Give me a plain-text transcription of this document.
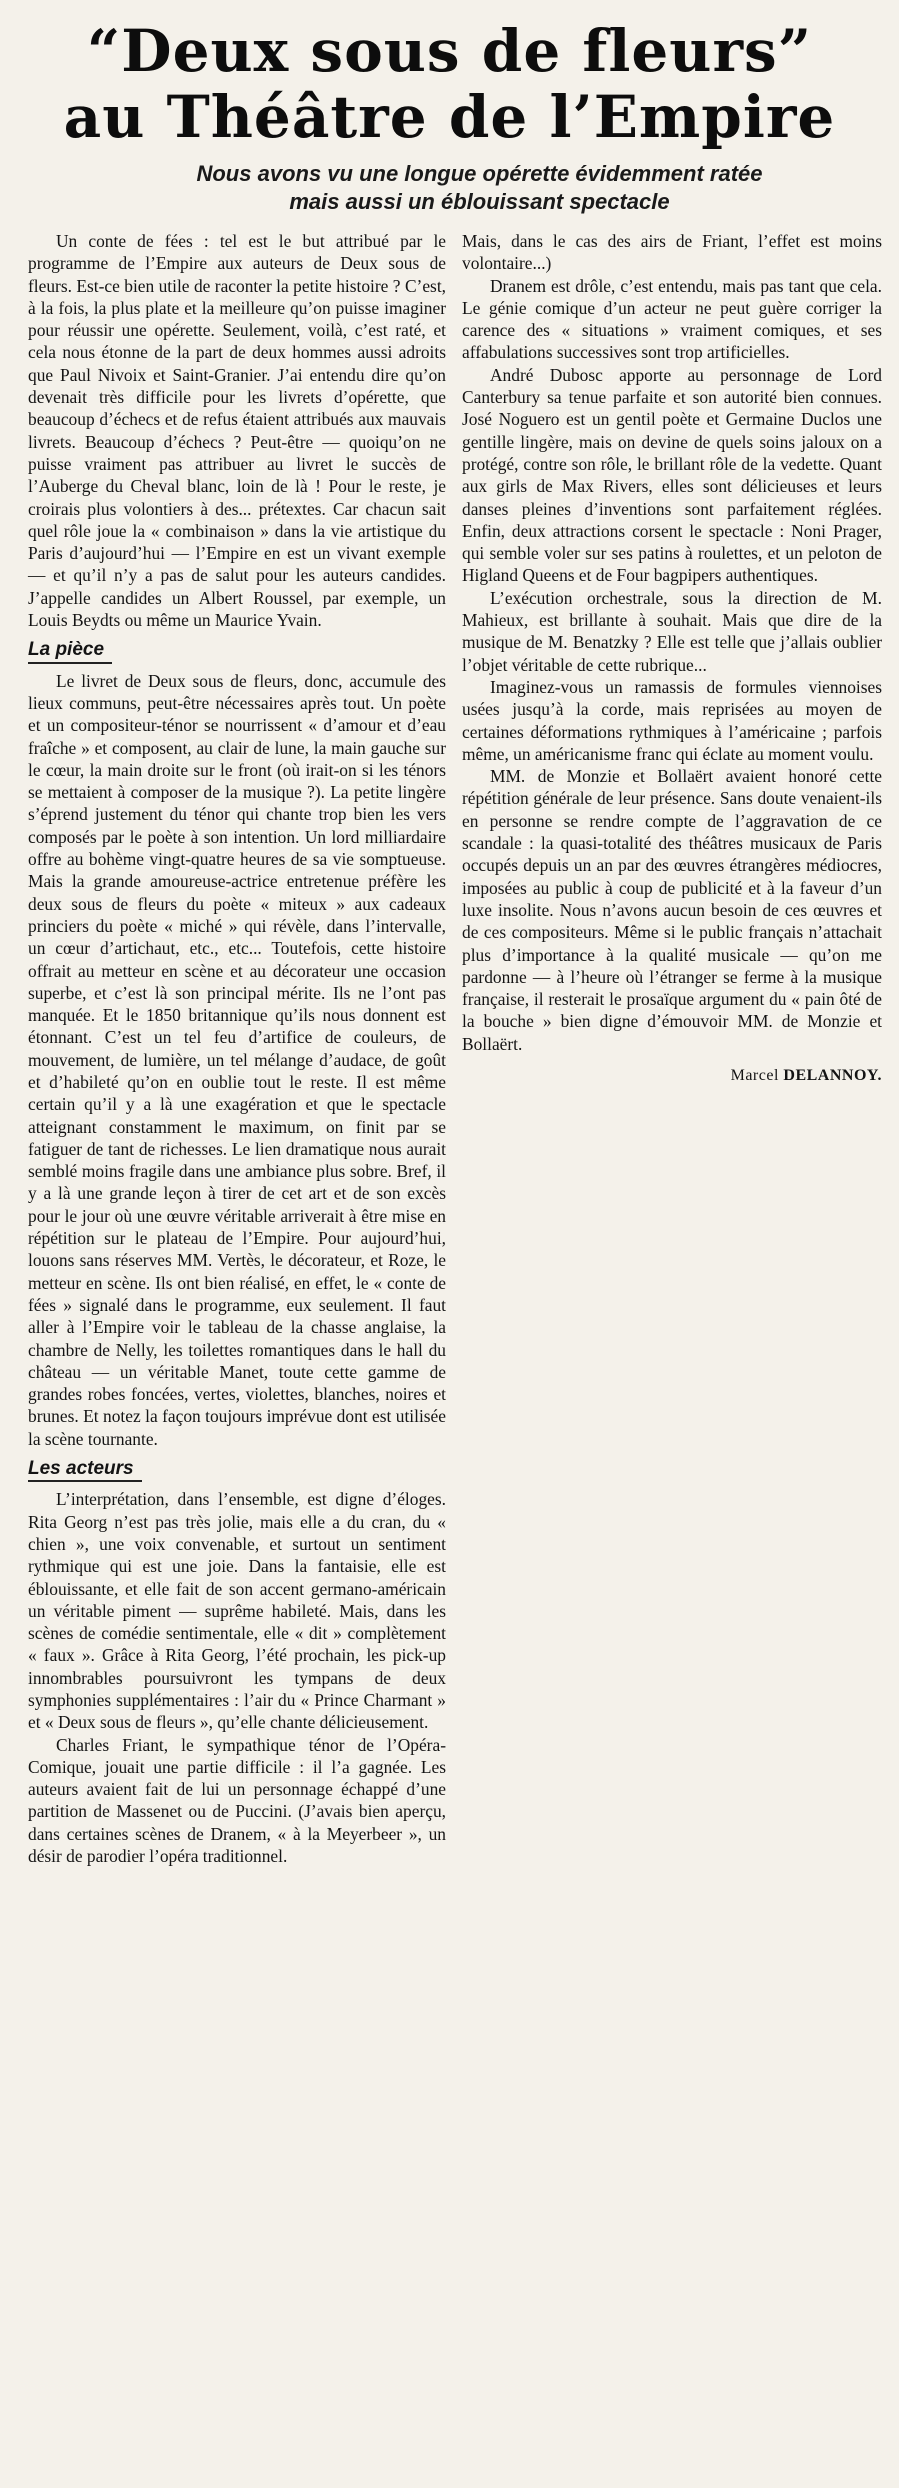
“Deux sous de fleurs”
au Théâtre de l’Empire
Nous avons vu une longue opérette évidemment ratée
mais aussi un éblouissant spectacle

Un conte de fées : tel est le but attribué par le programme de l’Empire aux auteurs de Deux sous de fleurs. Est-ce bien utile de raconter la petite histoire ? C’est, à la fois, la plus plate et la meilleure qu’on puisse imaginer pour réussir une opérette. Seulement, voilà, c’est raté, et cela nous étonne de la part de deux hommes aussi adroits que Paul Nivoix et Saint-Granier. J’ai entendu dire qu’on devenait très difficile pour les livrets d’opérette, que beaucoup d’échecs et de refus étaient attribués aux mauvais livrets. Beaucoup d’échecs ? Peut-être — quoiqu’on ne puisse vraiment pas attribuer au livret le succès de l’Auberge du Cheval blanc, loin de là ! Pour le reste, je croirais plus volontiers à des... prétextes. Car chacun sait quel rôle joue la « combinaison » dans la vie artistique du Paris d’aujourd’hui — l’Empire en est un vivant exemple — et qu’il n’y a pas de salut pour les auteurs candides. J’appelle candides un Albert Roussel, par exemple, un Louis Beydts ou même un Maurice Yvain.

La pièce

Le livret de Deux sous de fleurs, donc, accumule des lieux communs, peut-être nécessaires après tout. Un poète et un compositeur-ténor se nourrissent « d’amour et d’eau fraîche » et composent, au clair de lune, la main gauche sur le cœur, la main droite sur le front (où irait-on si les ténors se mettaient à composer de la musique ?). La petite lingère s’éprend justement du ténor qui chante trop bien les vers composés par le poète à son intention. Un lord milliardaire offre au bohème vingt-quatre heures de sa vie somptueuse. Mais la grande amoureuse-actrice entretenue préfère les deux sous de fleurs du poète « miteux » aux cadeaux princiers du poète « miché » qui révèle, dans l’intervalle, un cœur d’artichaut, etc., etc... Toutefois, cette histoire offrait au metteur en scène et au décorateur une occasion superbe, et c’est là son principal mérite. Ils ne l’ont pas manquée. Et le 1850 britannique qu’ils nous donnent est étonnant. C’est un tel feu d’artifice de couleurs, de mouvement, de lumière, un tel mélange d’audace, de goût et d’habileté qu’on en oublie tout le reste. Il est même certain qu’il y a là une exagération et que le spectacle atteignant constamment le maximum, on finit par se fatiguer de tant de richesses. Le lien dramatique nous aurait semblé moins fragile dans une ambiance plus sobre. Bref, il y a là une grande leçon à tirer de cet art et de son excès pour le jour où une œuvre véritable arriverait à être mise en répétition sur le plateau de l’Empire. Pour aujourd’hui, louons sans réserves MM. Vertès, le décorateur, et Roze, le metteur en scène. Ils ont bien réalisé, en effet, le « conte de fées » signalé dans le programme, eux seulement. Il faut aller à l’Empire voir le tableau de la chasse anglaise, la chambre de Nelly, les toilettes romantiques dans le hall du château — un véritable Manet, toute cette gamme de grandes robes foncées, vertes, violettes, blanches, noires et brunes. Et notez la façon toujours imprévue dont est utilisée la scène tournante.

Les acteurs

L’interprétation, dans l’ensemble, est digne d’éloges. Rita Georg n’est pas très jolie, mais elle a du cran, du « chien », une voix convenable, et surtout un sentiment rythmique qui est une joie. Dans la fantaisie, elle est éblouissante, et elle fait de son accent germano-américain un véritable piment — suprême habileté. Mais, dans les scènes de comédie sentimentale, elle « dit » complètement « faux ». Grâce à Rita Georg, l’été prochain, les pick-up innombrables poursuivront les tympans de deux symphonies supplémentaires : l’air du « Prince Charmant » et « Deux sous de fleurs », qu’elle chante délicieusement.

Charles Friant, le sympathique ténor de l’Opéra-Comique, jouait une partie difficile : il l’a gagnée. Les auteurs avaient fait de lui un personnage échappé d’une partition de Massenet ou de Puccini. (J’avais bien aperçu, dans certaines scènes de Dranem, « à la Meyerbeer », un désir de parodier l’opéra traditionnel.

Mais, dans le cas des airs de Friant, l’effet est moins volontaire...)

Dranem est drôle, c’est entendu, mais pas tant que cela. Le génie comique d’un acteur ne peut guère corriger la carence des « situations » vraiment comiques, et ses affabulations successives sont trop artificielles.

André Dubosc apporte au personnage de Lord Canterbury sa tenue parfaite et son autorité bien connues. José Noguero est un gentil poète et Germaine Duclos une gentille lingère, mais on devine de quels soins jaloux on a protégé, contre son rôle, le brillant rôle de la vedette. Quant aux girls de Max Rivers, elles sont délicieuses et leurs danses pleines d’inventions sont parfaitement réglées. Enfin, deux attractions corsent le spectacle : Noni Prager, qui semble voler sur ses patins à roulettes, et un peloton de Higland Queens et de Four bagpipers authentiques.

L’exécution orchestrale, sous la direction de M. Mahieux, est brillante à souhait. Mais que dire de la musique de M. Benatzky ? Elle est telle que j’allais oublier l’objet véritable de cette rubrique...

Imaginez-vous un ramassis de formules viennoises usées jusqu’à la corde, mais reprisées au moyen de certaines déformations rythmiques à l’américaine ; parfois même, un américanisme franc qui éclate au moment voulu.

MM. de Monzie et Bollaërt avaient honoré cette répétition générale de leur présence. Sans doute venaient-ils en personne se rendre compte de l’aggravation de ce scandale : la quasi-totalité des théâtres musicaux de Paris occupés depuis un an par des œuvres étrangères médiocres, imposées au public à coup de publicité et à la faveur d’un luxe insolite. Nous n’avons aucun besoin de ces œuvres et de ces compositeurs. Même si le public français n’attachait plus d’importance à la qualité musicale — qu’on me pardonne — à l’heure où l’étranger se ferme à la musique française, il resterait le prosaïque argument du « pain ôté de la bouche » bien digne d’émouvoir MM. de Monzie et Bollaërt.

Marcel DELANNOY.
